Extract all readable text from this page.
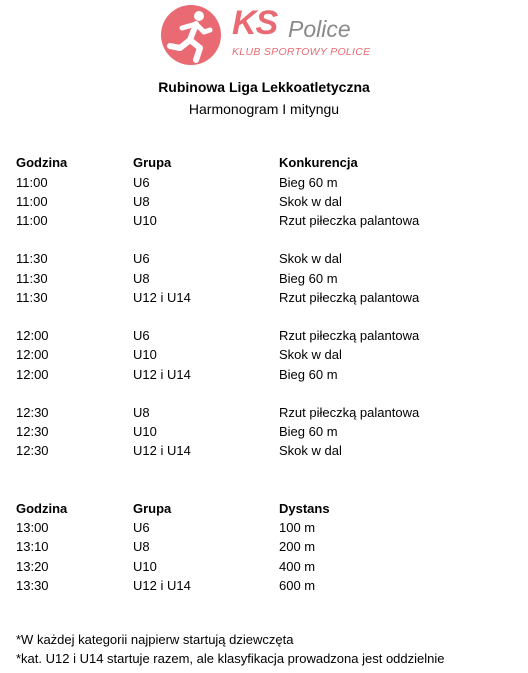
KS Police
KLUB SPORTOWY POLICE
Rubinowa Liga Lekkoatletyczna
Harmonogram I mityngu
Godzina	Grupa	Konkurencja
11:00	U6	Bieg 60 m
11:00	U8	Skok w dal
11:00	U10	Rzut piłeczka palantowa
11:30	U6	Skok w dal
11:30	U8	Bieg 60 m
11:30	U12 i U14	Rzut piłeczką palantowa
12:00	U6	Rzut piłeczką palantowa
12:00	U10	Skok w dal
12:00	U12 i U14	Bieg 60 m
12:30	U8	Rzut piłeczką palantowa
12:30	U10	Bieg 60 m
12:30	U12 i U14	Skok w dal
Godzina	Grupa	Dystans
13:00	U6	100 m
13:10	U8	200 m
13:20	U10	400 m
13:30	U12 i U14	600 m
*W każdej kategorii najpierw startują dziewczęta
*kat. U12 i U14 startuje razem, ale klasyfikacja prowadzona jest oddzielnie
